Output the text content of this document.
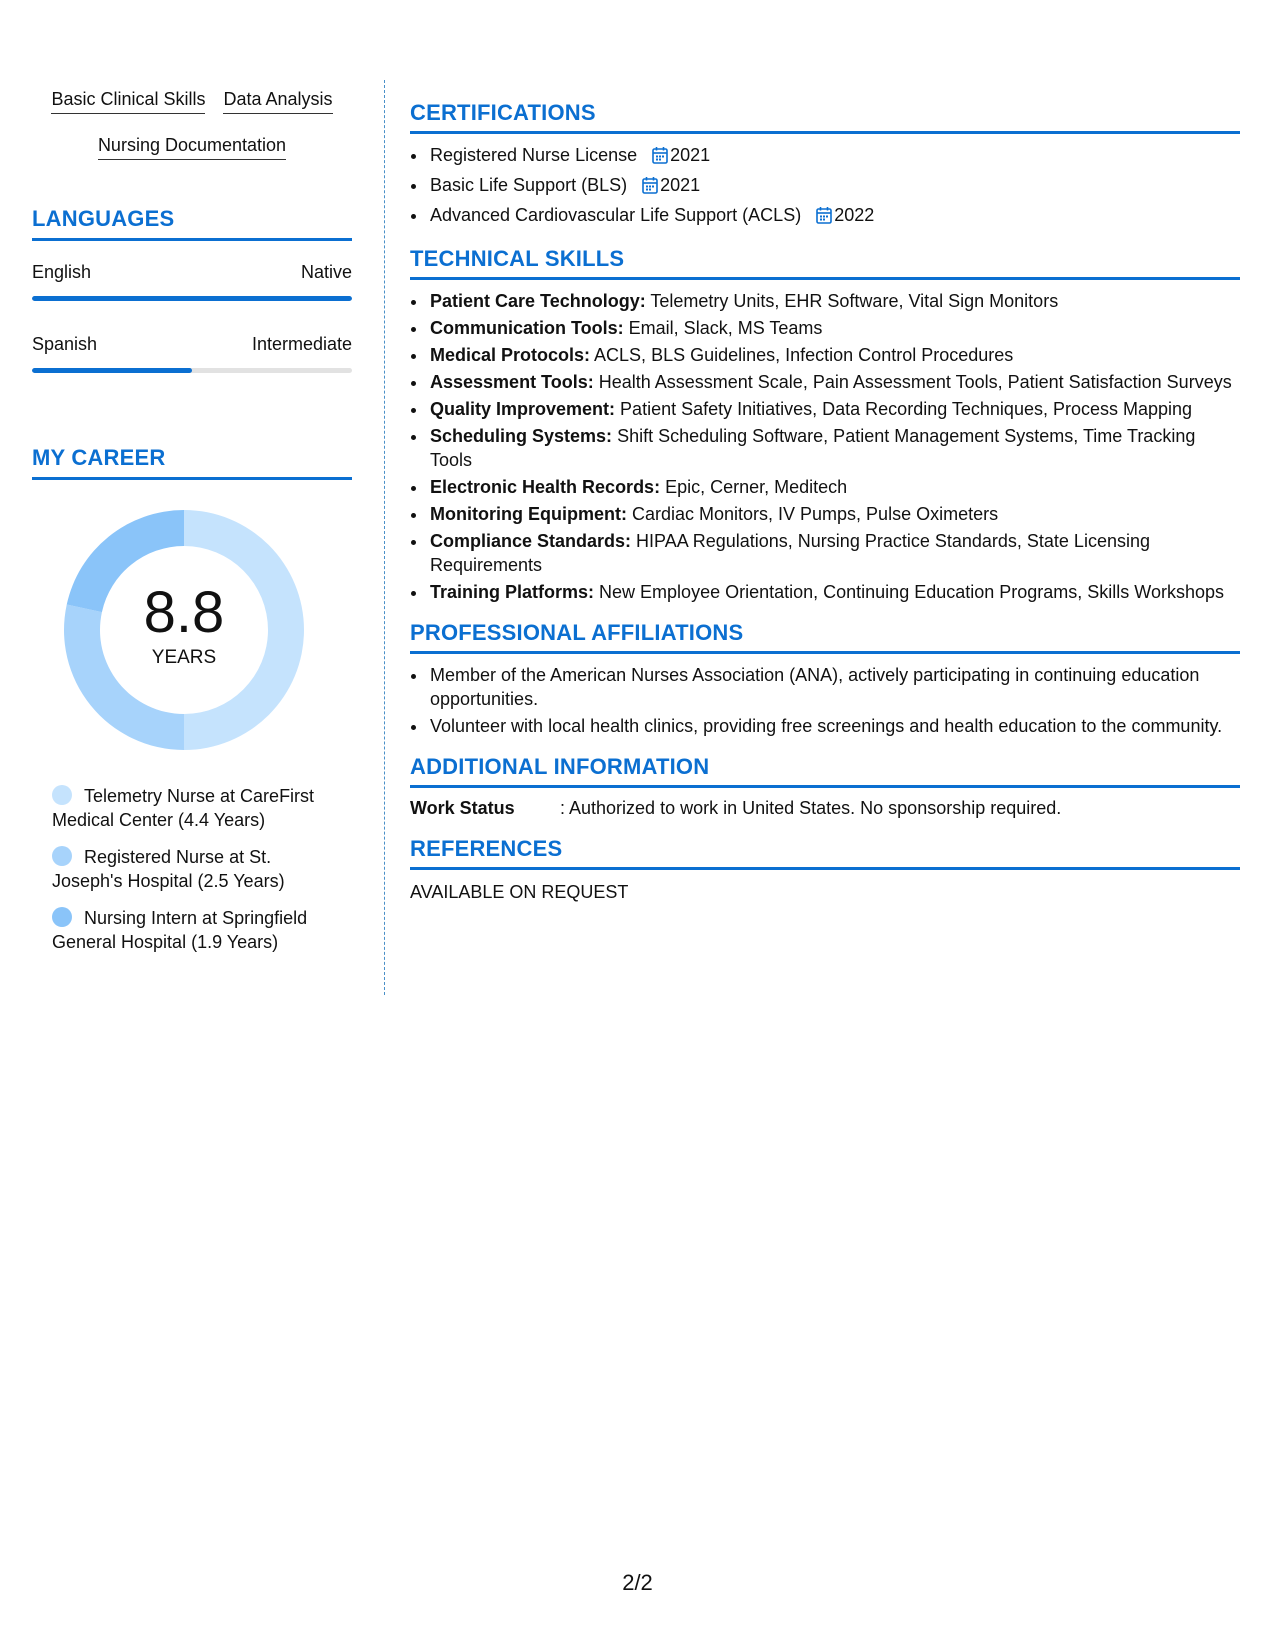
Basic Clinical Skills Data Analysis
Nursing Documentation
LANGUAGES
English	Native
Spanish	Intermediate
MY CAREER
8.8
YEARS
Telemetry Nurse at CareFirst Medical Center (4.4 Years)
Registered Nurse at St. Joseph's Hospital (2.5 Years)
Nursing Intern at Springfield General Hospital (1.9 Years)
CERTIFICATIONS
• Registered Nurse License 2021
• Basic Life Support (BLS) 2021
• Advanced Cardiovascular Life Support (ACLS) 2022
TECHNICAL SKILLS
• Patient Care Technology: Telemetry Units, EHR Software, Vital Sign Monitors
• Communication Tools: Email, Slack, MS Teams
• Medical Protocols: ACLS, BLS Guidelines, Infection Control Procedures
• Assessment Tools: Health Assessment Scale, Pain Assessment Tools, Patient Satisfaction Surveys
• Quality Improvement: Patient Safety Initiatives, Data Recording Techniques, Process Mapping
• Scheduling Systems: Shift Scheduling Software, Patient Management Systems, Time Tracking Tools
• Electronic Health Records: Epic, Cerner, Meditech
• Monitoring Equipment: Cardiac Monitors, IV Pumps, Pulse Oximeters
• Compliance Standards: HIPAA Regulations, Nursing Practice Standards, State Licensing Requirements
• Training Platforms: New Employee Orientation, Continuing Education Programs, Skills Workshops
PROFESSIONAL AFFILIATIONS
• Member of the American Nurses Association (ANA), actively participating in continuing education opportunities.
• Volunteer with local health clinics, providing free screenings and health education to the community.
ADDITIONAL INFORMATION
Work Status	: Authorized to work in United States. No sponsorship required.
REFERENCES
AVAILABLE ON REQUEST
2/2
